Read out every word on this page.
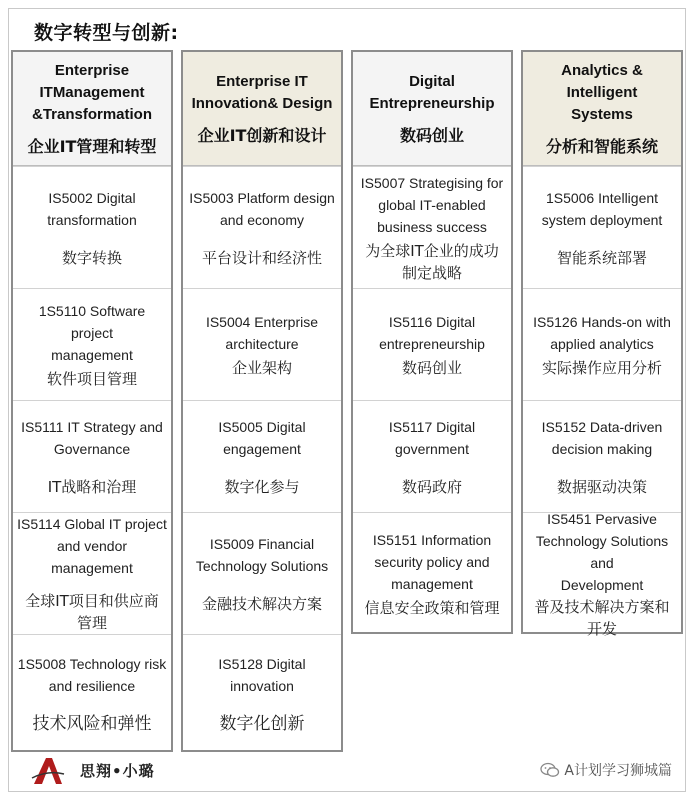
数字转型与创新:
Enterprise
ITManagement
&Transformation
企业IT管理和转型
IS5002 Digital
transformation
数字转换
1S5110 Software project
management
软件项目管理
IS5111 IT Strategy and
Governance
IT战略和治理
IS5114 Global IT project
and vendor management
全球IT项目和供应商
管理
1S5008 Technology risk
and resilience
技术风险和弹性
Enterprise IT
Innovation& Design
企业IT创新和设计
IS5003 Platform design
and economy
平台设计和经济性
IS5004 Enterprise
architecture
企业架构
IS5005 Digital
engagement
数字化参与
IS5009 Financial
Technology Solutions
金融技术解决方案
IS5128 Digital innovation
数字化创新
Digital
Entrepreneurship
数码创业
IS5007 Strategising for
global IT-enabled
business success
为全球IT企业的成功
制定战略
IS5116 Digital
entrepreneurship
数码创业
IS5117 Digital
government
数码政府
IS5151 Information
security policy and
management
信息安全政策和管理
Analytics & Intelligent
Systems
分析和智能系统
1S5006 Intelligent
system deployment
智能系统部署
IS5126 Hands-on with
applied analytics
实际操作应用分析
IS5152 Data-driven
decision making
数据驱动决策
IS5451 Pervasive
Technology Solutions and
Development
普及技术解决方案和
开发
思翔•小璐	A计划学习狮城篇
